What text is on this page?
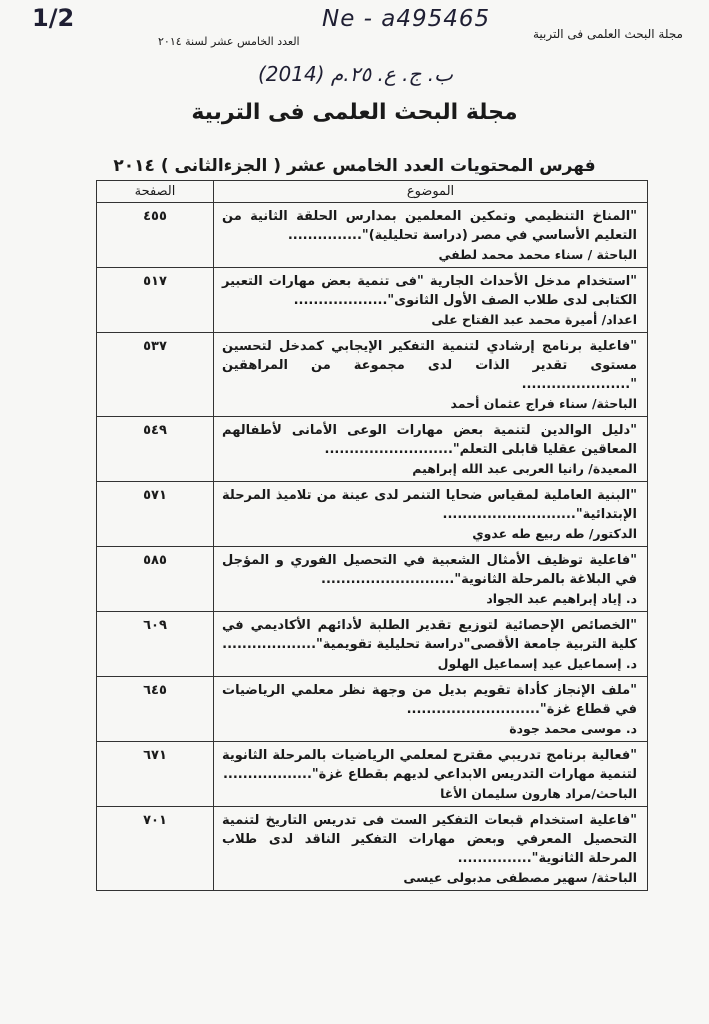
1/2	Ne - a495465
(2014) ب. ج. ع. ٢٥.م
مجلة البحث العلمى فى التربية
العدد الخامس عشر لسنة ٢٠١٤
مجلة البحث العلمى فى التربية
فهرس المحتويات العدد الخامس عشر ( الجزءالثانى ) ٢٠١٤
الموضوع	الصفحة

"المناخ التنظيمي وتمكين المعلمين بمدارس الحلقة الثانية من التعليم الأساسي في مصر (دراسة تحليلية)"...............
الباحثة / سناء محمد محمد لطفي	٤٥٥

"استخدام مدخل الأحداث الجارية "فى تنمية بعض مهارات التعبير الكتابى لدى طلاب الصف الأول الثانوى"...................
اعداد/ أميرة محمد عبد الفتاح على	٥١٧

"فاعلية برنامج إرشادي لتنمية التفكير الإيجابي كمدخل لتحسين مستوى تقدير الذات لدى مجموعة من المراهقين "......................
الباحثة/ سناء فراج عثمان أحمد	٥٣٧

"دليل الوالدين لتنمية بعض مهارات الوعى الأمانى لأطفالهم المعاقين عقليا قابلى التعلم"..........................
المعيدة/ رانيا العربى عبد الله إبراهيم	٥٤٩

"البنية العاملية لمقياس ضحايا التنمر لدى عينة من تلاميذ المرحلة الإبتدائية"...........................
الدكتور/ طه ربيع طه عدوي	٥٧١

"فاعلية توظيف الأمثال الشعبية في التحصيل الفوري و المؤجل في البلاغة بالمرحلة الثانوية"...........................
د. إياد إبراهيم عبد الجواد	٥٨٥

"الخصائص الإحصائية لتوزيع تقدير الطلبة لأدائهم الأكاديمي في كلية التربية جامعة الأقصى"دراسة تحليلية تقويمية"...................
د. إسماعيل عيد إسماعيل الهلول	٦٠٩

"ملف الإنجاز كأداة تقويم بديل من وجهة نظر معلمي الرياضيات في قطاع غزة"...........................
د. موسى محمد جودة	٦٤٥

"فعالية برنامج تدريبي مقترح لمعلمي الرياضيات بالمرحلة الثانوية لتنمية مهارات التدريس الابداعي لديهم بقطاع غزة"..................
الباحث/مراد هارون سليمان الأغا	٦٧١

"فاعلية استخدام قبعات التفكير الست فى تدريس التاريخ لتنمية التحصيل المعرفي وبعض مهارات التفكير الناقد لدى طلاب المرحلة الثانوية"...............
الباحثة/ سهير مصطفى مدبولى عيسى	٧٠١
